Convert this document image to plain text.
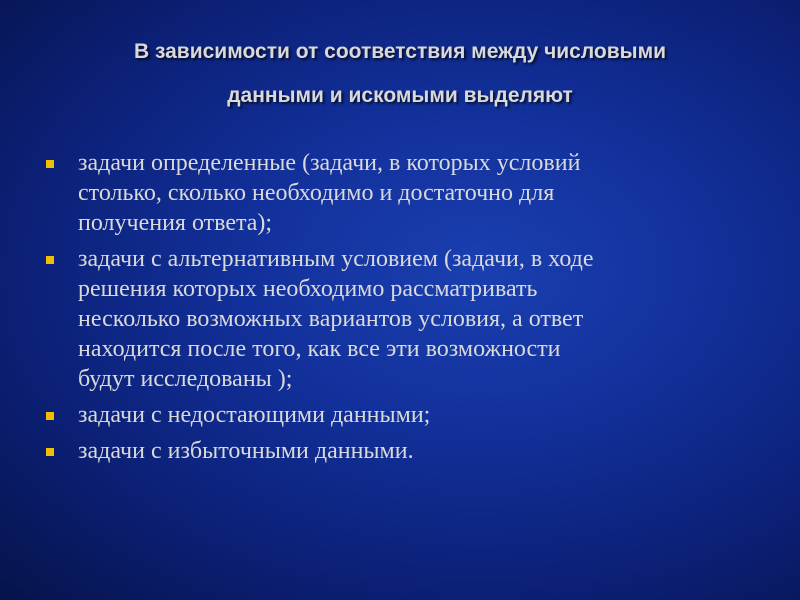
В зависимости от соответствия между числовыми
данными и искомыми выделяют
задачи определенные (задачи, в которых условий
столько, сколько необходимо и достаточно для
получения ответа);
задачи с альтернативным условием (задачи, в ходе
решения которых необходимо рассматривать
несколько возможных вариантов условия, а ответ
находится после того, как все эти возможности
будут исследованы );
задачи с недостающими данными;
задачи с избыточными данными.
